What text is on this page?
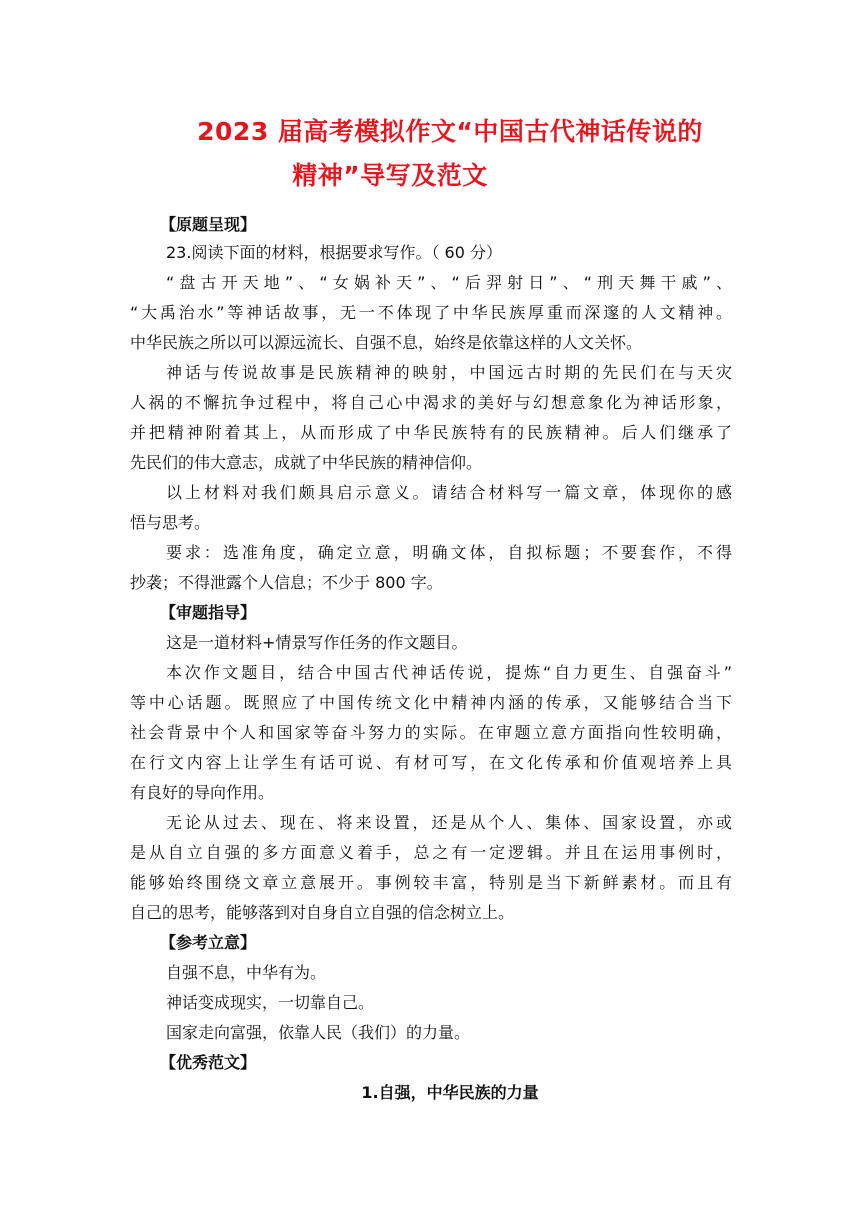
2023 届高考模拟作文“中国古代神话传说的
精神”导写及范文

【原题呈现】

23.阅读下面的材料，根据要求写作。（ 60 分）

“盘古开天地”、“女娲补天”、“后羿射日”、“刑天舞干戚”、

“大禹治水”等神话故事，无一不体现了中华民族厚重而深邃的人文精神。

中华民族之所以可以源远流长、自强不息，始终是依靠这样的人文关怀。

神话与传说故事是民族精神的映射，中国远古时期的先民们在与天灾

人祸的不懈抗争过程中，将自己心中渴求的美好与幻想意象化为神话形象，

并把精神附着其上，从而形成了中华民族特有的民族精神。后人们继承了

先民们的伟大意志，成就了中华民族的精神信仰。

以上材料对我们颇具启示意义。请结合材料写一篇文章，体现你的感

悟与思考。

要求：选准角度，确定立意，明确文体，自拟标题；不要套作，不得

抄袭；不得泄露个人信息；不少于 800 字。

【审题指导】

这是一道材料+情景写作任务的作文题目。

本次作文题目，结合中国古代神话传说，提炼“自力更生、自强奋斗”

等中心话题。既照应了中国传统文化中精神内涵的传承，又能够结合当下

社会背景中个人和国家等奋斗努力的实际。在审题立意方面指向性较明确，

在行文内容上让学生有话可说、有材可写，在文化传承和价值观培养上具

有良好的导向作用。

无论从过去、现在、将来设置，还是从个人、集体、国家设置，亦或

是从自立自强的多方面意义着手，总之有一定逻辑。并且在运用事例时，

能够始终围绕文章立意展开。事例较丰富，特别是当下新鲜素材。而且有

自己的思考，能够落到对自身自立自强的信念树立上。

【参考立意】

自强不息，中华有为。

神话变成现实，一切靠自己。

国家走向富强，依靠人民（我们）的力量。

【优秀范文】

1.自强，中华民族的力量
